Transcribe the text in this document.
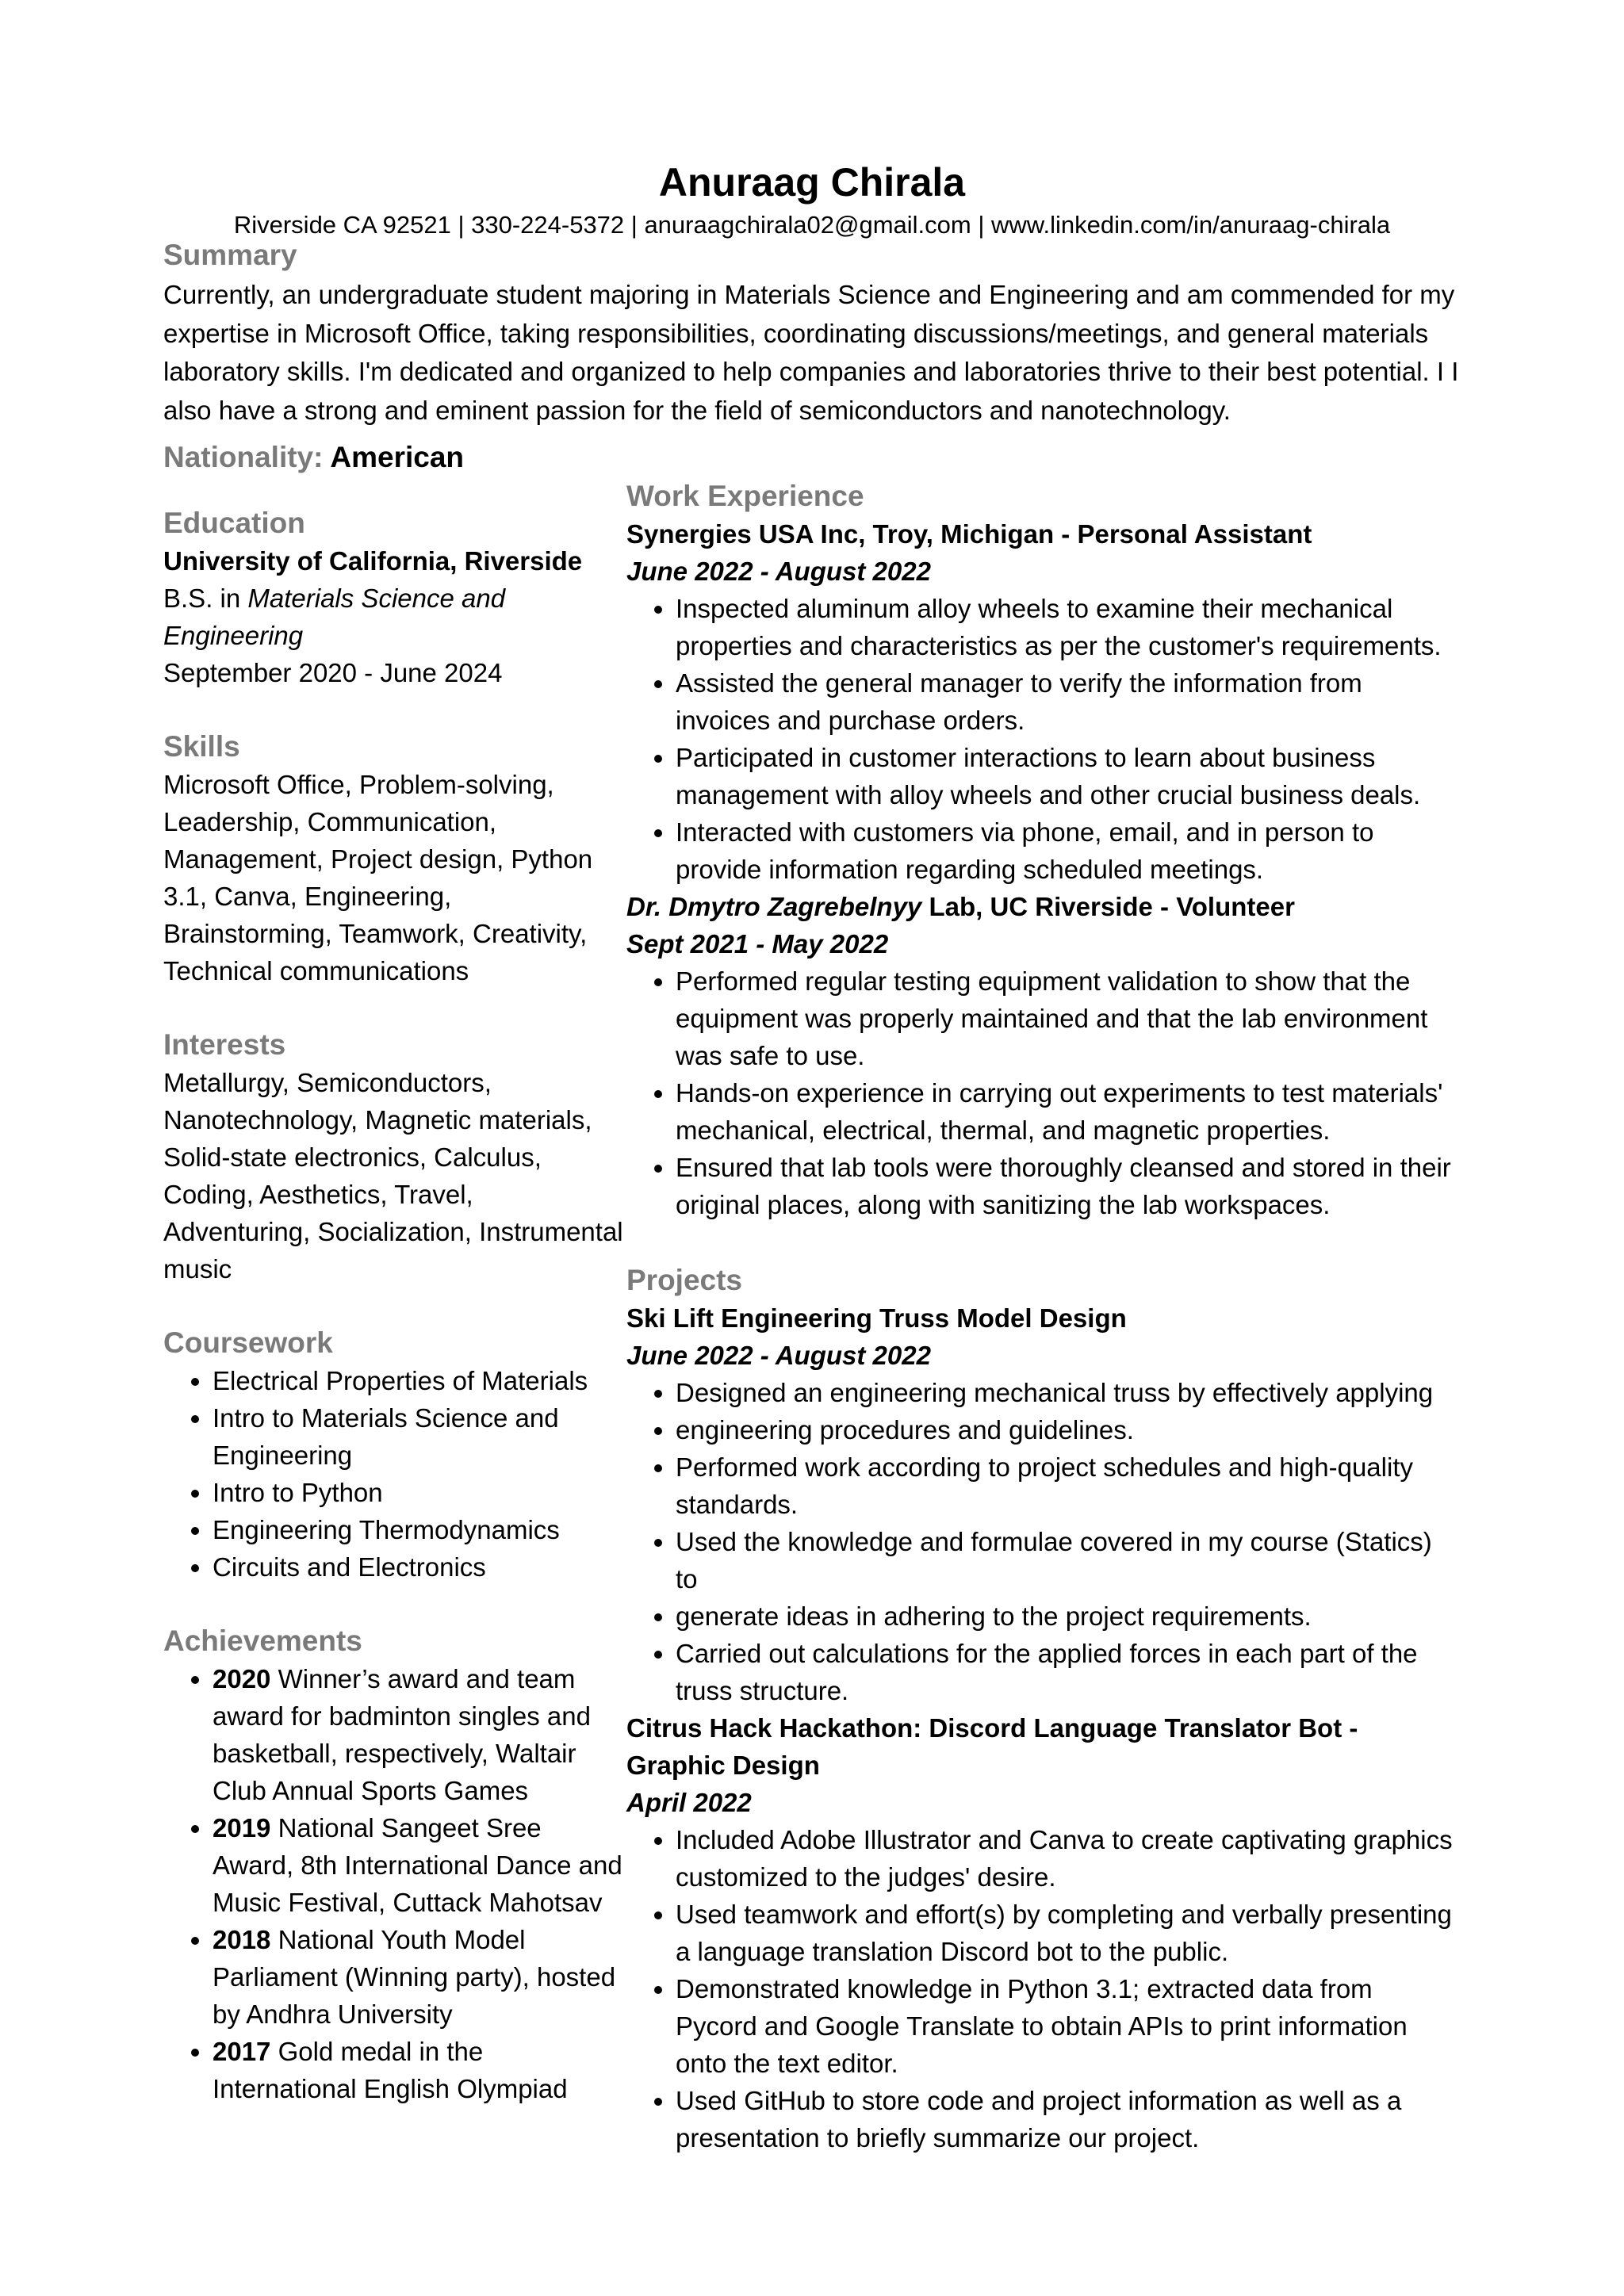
Anuraag Chirala

Riverside CA 92521 | 330-224-5372 | anuraagchirala02@gmail.com | www.linkedin.com/in/anuraag-chirala

Summary

Currently, an undergraduate student majoring in Materials Science and Engineering and am commended for my expertise in Microsoft Office, taking responsibilities, coordinating discussions/meetings, and general materials laboratory skills. I'm dedicated and organized to help companies and laboratories thrive to their best potential. I I also have a strong and eminent passion for the field of semiconductors and nanotechnology.

Nationality: American

Education

University of California, Riverside

B.S. in Materials Science and Engineering

September 2020 - June 2024

Skills

Microsoft Office, Problem-solving, Leadership, Communication, Management, Project design, Python 3.1, Canva, Engineering, Brainstorming, Teamwork, Creativity, Technical communications

Interests

Metallurgy, Semiconductors, Nanotechnology, Magnetic materials, Solid-state electronics, Calculus, Coding, Aesthetics, Travel, Adventuring, Socialization, Instrumental music

Coursework

• Electrical Properties of Materials
• Intro to Materials Science and Engineering
• Intro to Python
• Engineering Thermodynamics
• Circuits and Electronics

Achievements

• 2020 Winner’s award and team award for badminton singles and basketball, respectively, Waltair Club Annual Sports Games
• 2019 National Sangeet Sree Award, 8th International Dance and Music Festival, Cuttack Mahotsav
• 2018 National Youth Model Parliament (Winning party), hosted by Andhra University
• 2017 Gold medal in the International English Olympiad

Work Experience

Synergies USA Inc, Troy, Michigan - Personal Assistant

June 2022 - August 2022

• Inspected aluminum alloy wheels to examine their mechanical properties and characteristics as per the customer's requirements.
• Assisted the general manager to verify the information from invoices and purchase orders.
• Participated in customer interactions to learn about business management with alloy wheels and other crucial business deals.
• Interacted with customers via phone, email, and in person to provide information regarding scheduled meetings.

Dr. Dmytro Zagrebelnyy Lab, UC Riverside - Volunteer

Sept 2021 - May 2022

• Performed regular testing equipment validation to show that the equipment was properly maintained and that the lab environment was safe to use.
• Hands-on experience in carrying out experiments to test materials' mechanical, electrical, thermal, and magnetic properties.
• Ensured that lab tools were thoroughly cleansed and stored in their original places, along with sanitizing the lab workspaces.

Projects

Ski Lift Engineering Truss Model Design

June 2022 - August 2022

• Designed an engineering mechanical truss by effectively applying
• engineering procedures and guidelines.
• Performed work according to project schedules and high-quality standards.
• Used the knowledge and formulae covered in my course (Statics) to
• generate ideas in adhering to the project requirements.
• Carried out calculations for the applied forces in each part of the truss structure.

Citrus Hack Hackathon: Discord Language Translator Bot - Graphic Design

April 2022

• Included Adobe Illustrator and Canva to create captivating graphics customized to the judges' desire.
• Used teamwork and effort(s) by completing and verbally presenting a language translation Discord bot to the public.
• Demonstrated knowledge in Python 3.1; extracted data from Pycord and Google Translate to obtain APIs to print information onto the text editor.
• Used GitHub to store code and project information as well as a presentation to briefly summarize our project.
